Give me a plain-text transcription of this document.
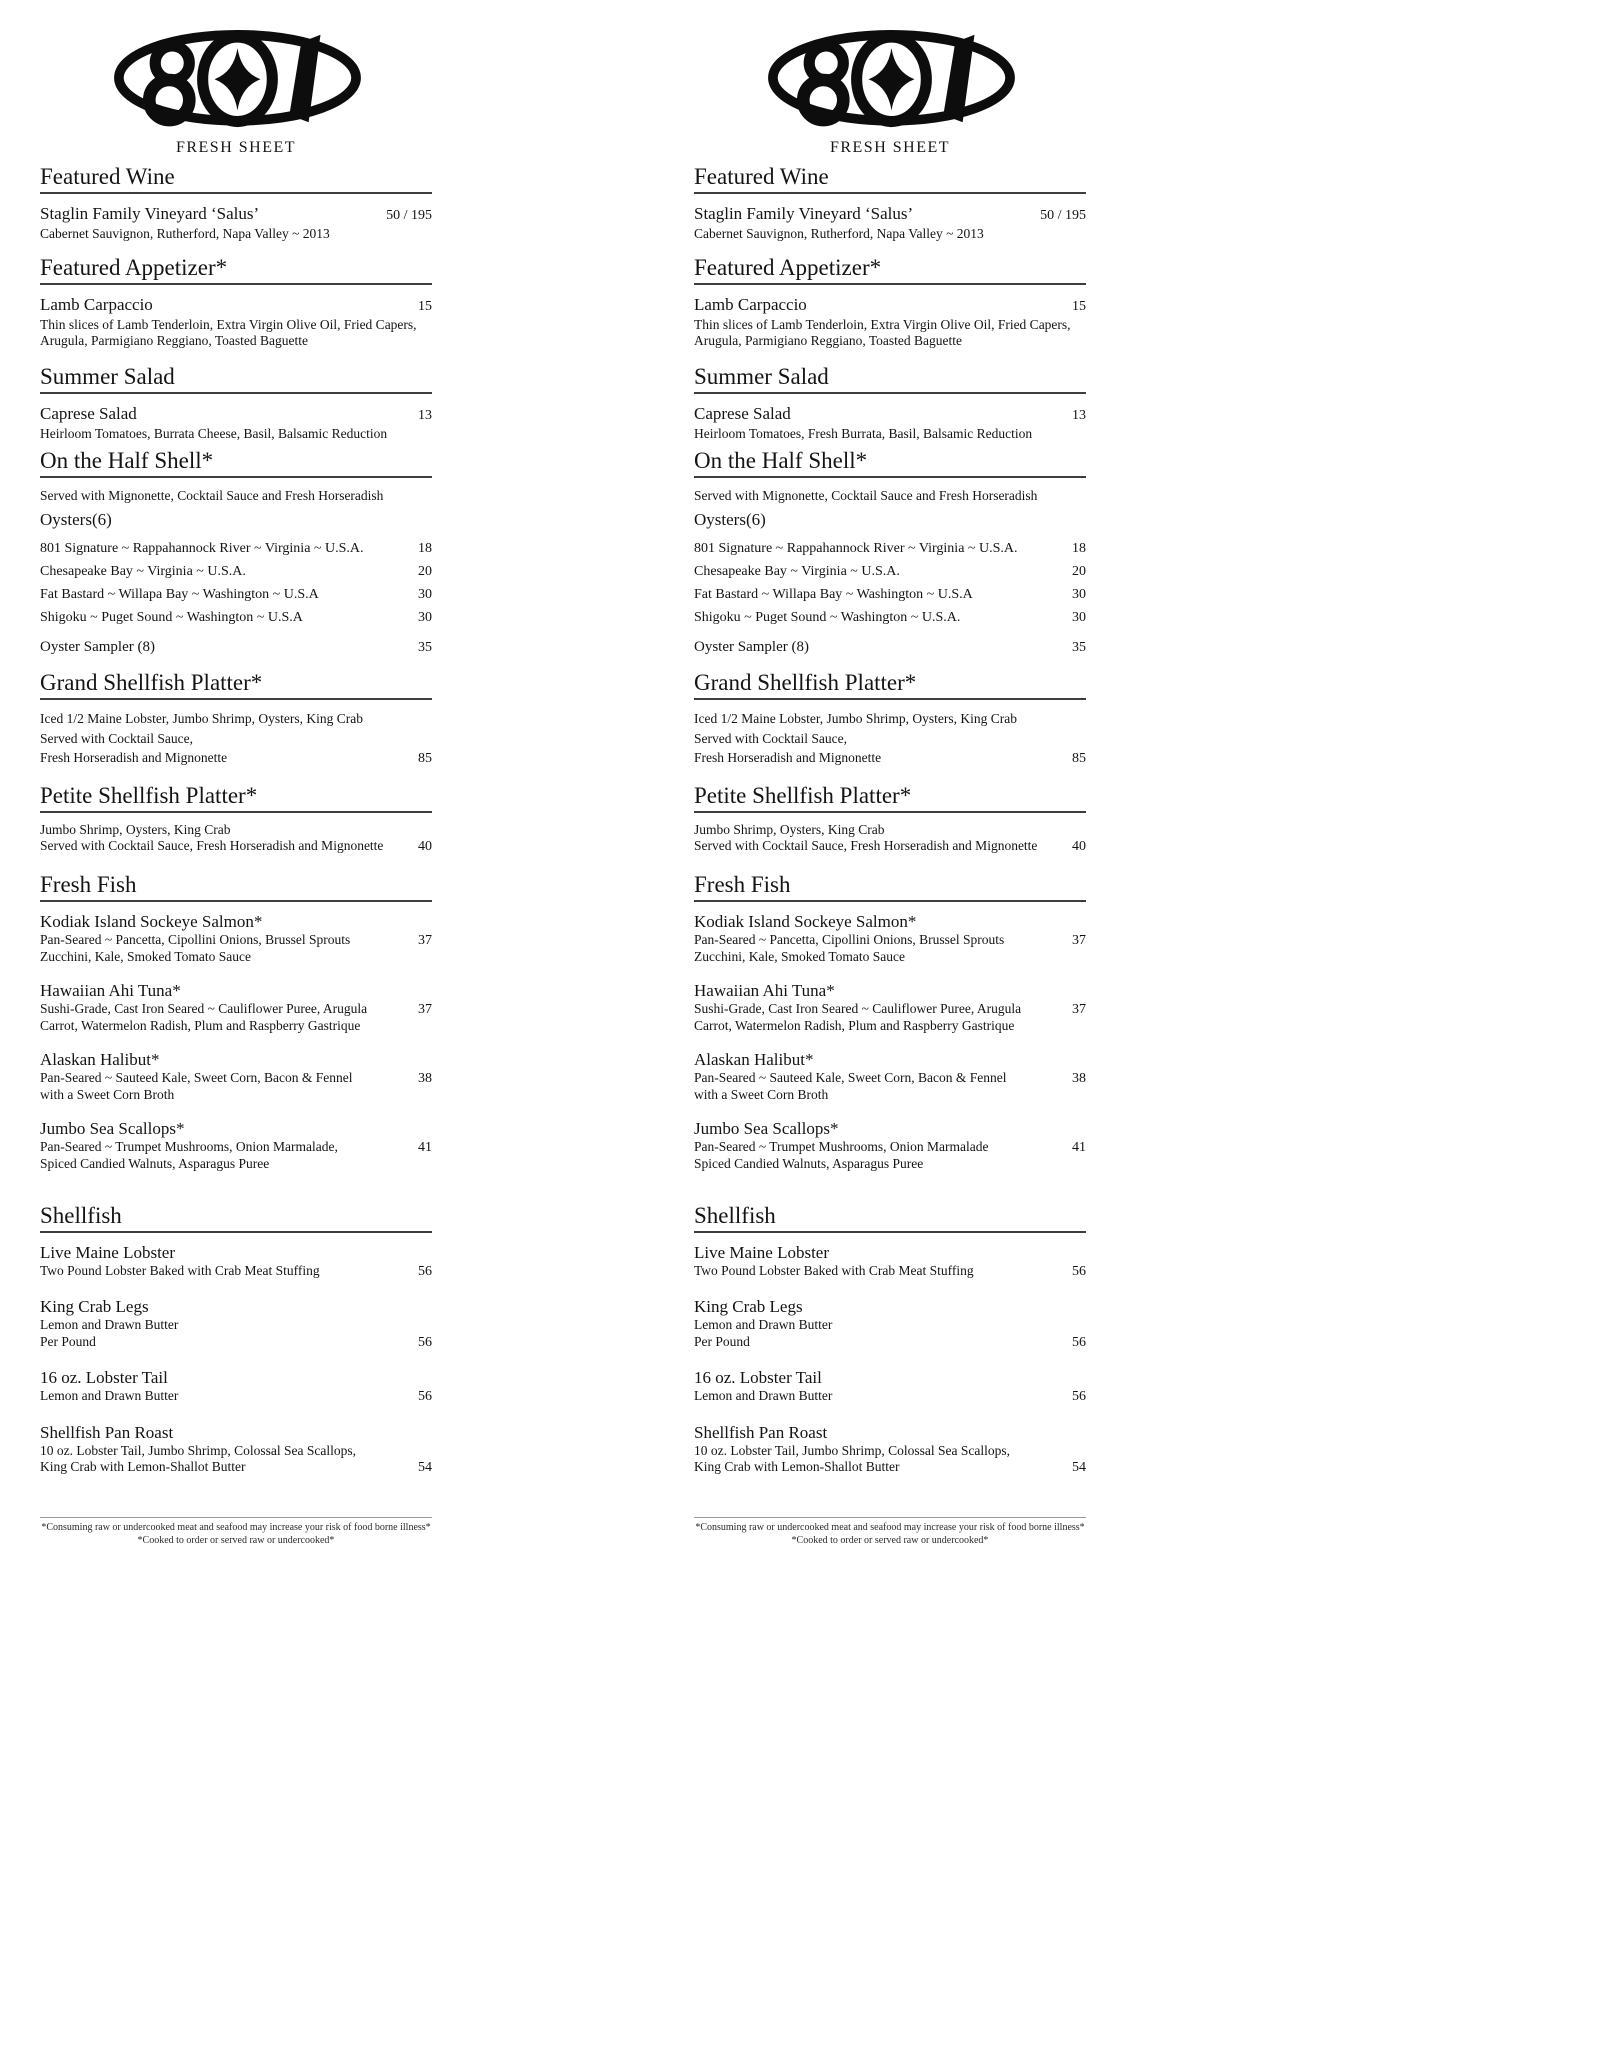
FRESH SHEET
Featured Wine
Staglin Family Vineyard ‘Salus’	50 / 195
Cabernet Sauvignon, Rutherford, Napa Valley ~ 2013
Featured Appetizer*
Lamb Carpaccio	15
Thin slices of Lamb Tenderloin, Extra Virgin Olive Oil, Fried Capers,
Arugula, Parmigiano Reggiano, Toasted Baguette
Summer Salad
Caprese Salad	13
Heirloom Tomatoes, Burrata Cheese, Basil, Balsamic Reduction
On the Half Shell*
Served with Mignonette, Cocktail Sauce and Fresh Horseradish
Oysters(6)
801 Signature ~ Rappahannock River ~ Virginia ~ U.S.A.	18
Chesapeake Bay ~ Virginia ~ U.S.A.	20
Fat Bastard ~ Willapa Bay ~ Washington ~ U.S.A	30
Shigoku ~ Puget Sound ~ Washington ~ U.S.A	30
Oyster Sampler (8)	35
Grand Shellfish Platter*
Iced 1/2 Maine Lobster, Jumbo Shrimp, Oysters, King Crab
Served with Cocktail Sauce,
Fresh Horseradish and Mignonette	85
Petite Shellfish Platter*
Jumbo Shrimp, Oysters, King Crab
Served with Cocktail Sauce, Fresh Horseradish and Mignonette	40
Fresh Fish
Kodiak Island Sockeye Salmon*
Pan-Seared ~ Pancetta, Cipollini Onions, Brussel Sprouts	37
Zucchini, Kale, Smoked Tomato Sauce
Hawaiian Ahi Tuna*
Sushi-Grade, Cast Iron Seared ~ Cauliflower Puree, Arugula	37
Carrot, Watermelon Radish, Plum and Raspberry Gastrique
Alaskan Halibut*
Pan-Seared ~ Sauteed Kale, Sweet Corn, Bacon & Fennel	38
with a Sweet Corn Broth
Jumbo Sea Scallops*
Pan-Seared ~ Trumpet Mushrooms, Onion Marmalade,	41
Spiced Candied Walnuts, Asparagus Puree
Shellfish
Live Maine Lobster
Two Pound Lobster Baked with Crab Meat Stuffing	56
King Crab Legs
Lemon and Drawn Butter
Per Pound	56
16 oz. Lobster Tail
Lemon and Drawn Butter	56
Shellfish Pan Roast
10 oz. Lobster Tail, Jumbo Shrimp, Colossal Sea Scallops,
King Crab with Lemon-Shallot Butter	54
*Consuming raw or undercooked meat and seafood may increase your risk of food borne illness*
*Cooked to order or served raw or undercooked*
FRESH SHEET
Featured Wine
Staglin Family Vineyard ‘Salus’	50 / 195
Cabernet Sauvignon, Rutherford, Napa Valley ~ 2013
Featured Appetizer*
Lamb Carpaccio	15
Thin slices of Lamb Tenderloin, Extra Virgin Olive Oil, Fried Capers,
Arugula, Parmigiano Reggiano, Toasted Baguette
Summer Salad
Caprese Salad	13
Heirloom Tomatoes, Fresh Burrata, Basil, Balsamic Reduction
On the Half Shell*
Served with Mignonette, Cocktail Sauce and Fresh Horseradish
Oysters(6)
801 Signature ~ Rappahannock River ~ Virginia ~ U.S.A.	18
Chesapeake Bay ~ Virginia ~ U.S.A.	20
Fat Bastard ~ Willapa Bay ~ Washington ~ U.S.A	30
Shigoku ~ Puget Sound ~ Washington ~ U.S.A.	30
Oyster Sampler (8)	35
Grand Shellfish Platter*
Iced 1/2 Maine Lobster, Jumbo Shrimp, Oysters, King Crab
Served with Cocktail Sauce,
Fresh Horseradish and Mignonette	85
Petite Shellfish Platter*
Jumbo Shrimp, Oysters, King Crab
Served with Cocktail Sauce, Fresh Horseradish and Mignonette	40
Fresh Fish
Kodiak Island Sockeye Salmon*
Pan-Seared ~ Pancetta, Cipollini Onions, Brussel Sprouts	37
Zucchini, Kale, Smoked Tomato Sauce
Hawaiian Ahi Tuna*
Sushi-Grade, Cast Iron Seared ~ Cauliflower Puree, Arugula	37
Carrot, Watermelon Radish, Plum and Raspberry Gastrique
Alaskan Halibut*
Pan-Seared ~ Sauteed Kale, Sweet Corn, Bacon & Fennel	38
with a Sweet Corn Broth
Jumbo Sea Scallops*
Pan-Seared ~ Trumpet Mushrooms, Onion Marmalade	41
Spiced Candied Walnuts, Asparagus Puree
Shellfish
Live Maine Lobster
Two Pound Lobster Baked with Crab Meat Stuffing	56
King Crab Legs
Lemon and Drawn Butter
Per Pound	56
16 oz. Lobster Tail
Lemon and Drawn Butter	56
Shellfish Pan Roast
10 oz. Lobster Tail, Jumbo Shrimp, Colossal Sea Scallops,
King Crab with Lemon-Shallot Butter	54
*Consuming raw or undercooked meat and seafood may increase your risk of food borne illness*
*Cooked to order or served raw or undercooked*
